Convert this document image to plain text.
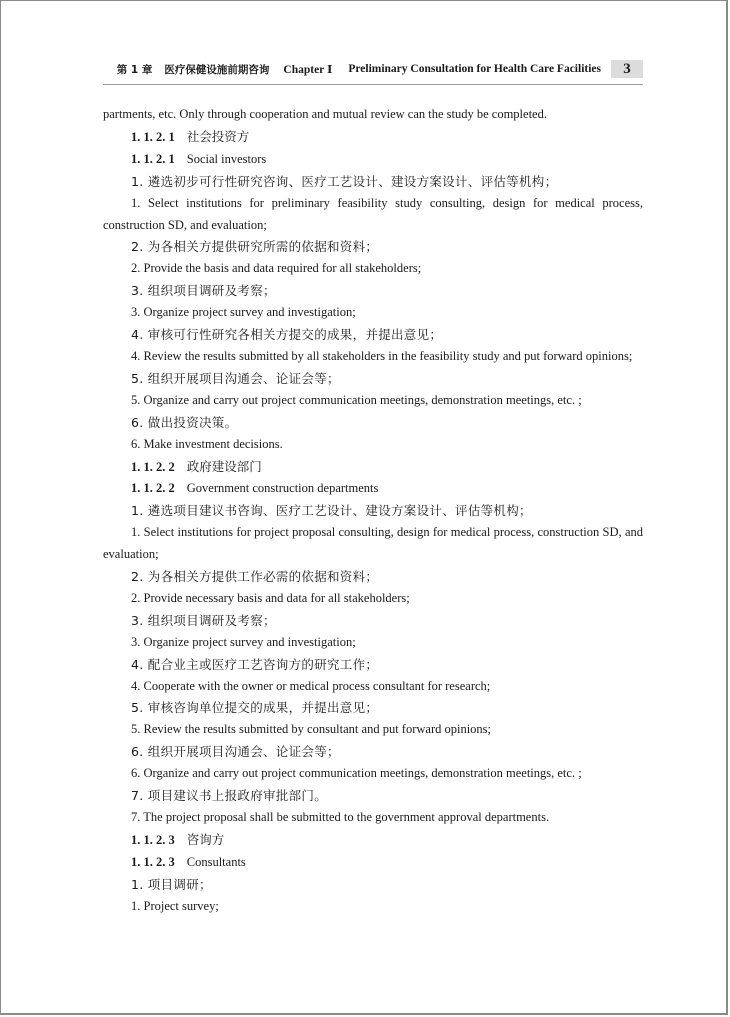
第 1 章 医疗保健设施前期咨询 Chapter Ⅰ Preliminary Consultation for Health Care Facilities	3

partments, etc. Only through cooperation and mutual review can the study be completed.

1. 1. 2. 1 社会投资方

1. 1. 2. 1 Social investors

1. 遴选初步可行性研究咨询、医疗工艺设计、建设方案设计、评估等机构；

1. Select institutions for preliminary feasibility study consulting, design for medical process, construction SD, and evaluation;

2. 为各相关方提供研究所需的依据和资料；

2. Provide the basis and data required for all stakeholders;

3. 组织项目调研及考察；

3. Organize project survey and investigation;

4. 审核可行性研究各相关方提交的成果，并提出意见；

4. Review the results submitted by all stakeholders in the feasibility study and put forward opinions;

5. 组织开展项目沟通会、论证会等；

5. Organize and carry out project communication meetings, demonstration meetings, etc. ;

6. 做出投资决策。

6. Make investment decisions.

1. 1. 2. 2 政府建设部门

1. 1. 2. 2 Government construction departments

1. 遴选项目建议书咨询、医疗工艺设计、建设方案设计、评估等机构；

1. Select institutions for project proposal consulting, design for medical process, construction SD, and evaluation;

2. 为各相关方提供工作必需的依据和资料；

2. Provide necessary basis and data for all stakeholders;

3. 组织项目调研及考察；

3. Organize project survey and investigation;

4. 配合业主或医疗工艺咨询方的研究工作；

4. Cooperate with the owner or medical process consultant for research;

5. 审核咨询单位提交的成果，并提出意见；

5. Review the results submitted by consultant and put forward opinions;

6. 组织开展项目沟通会、论证会等；

6. Organize and carry out project communication meetings, demonstration meetings, etc. ;

7. 项目建议书上报政府审批部门。

7. The project proposal shall be submitted to the government approval departments.

1. 1. 2. 3 咨询方

1. 1. 2. 3 Consultants

1. 项目调研；

1. Project survey;
